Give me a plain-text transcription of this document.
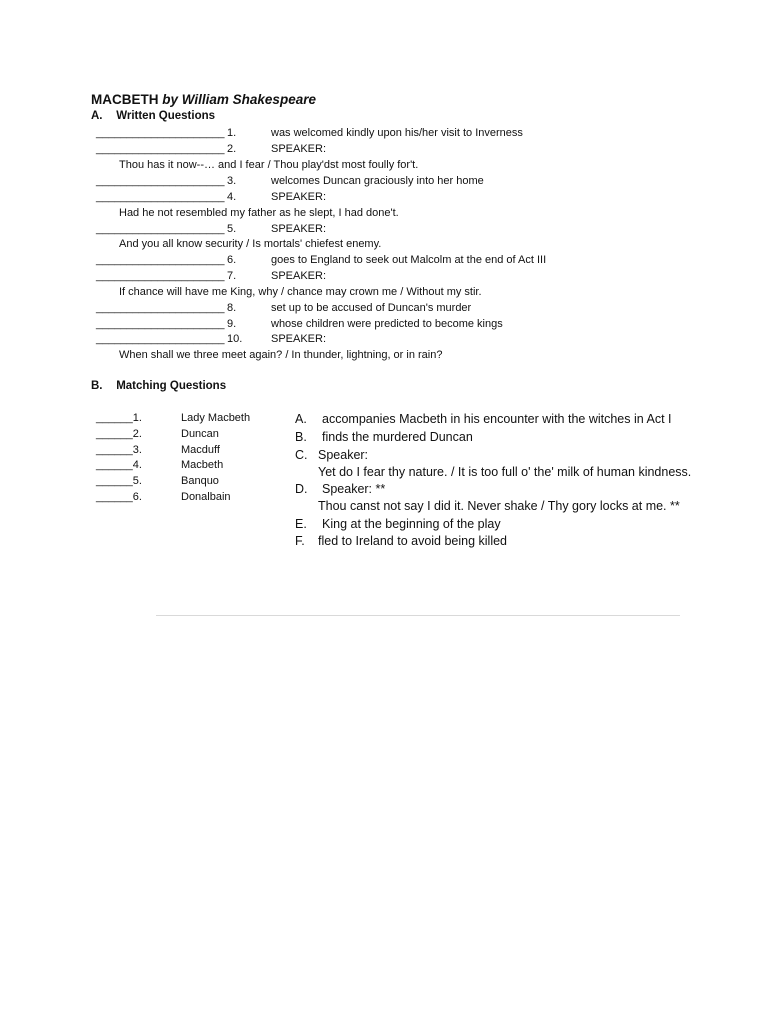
MACBETH by William Shakespeare
A. Written Questions
_____________________ 1.	was welcomed kindly upon his/her visit to Inverness
_____________________ 2.	SPEAKER:
Thou has it now--… and I fear / Thou play'dst most foully for't.
_____________________ 3.	welcomes Duncan graciously into her home
_____________________ 4.	SPEAKER:
Had he not resembled my father as he slept, I had done't.
_____________________ 5.	SPEAKER:
And you all know security / Is mortals' chiefest enemy.
_____________________ 6.	goes to England to seek out Malcolm at the end of Act III
_____________________ 7.	SPEAKER:
If chance will have me King, why / chance may crown me / Without my stir.
_____________________ 8.	set up to be accused of Duncan's murder
_____________________ 9.	whose children were predicted to become kings
_____________________ 10.	SPEAKER:
When shall we three meet again? / In thunder, lightning, or in rain?
B. Matching Questions
______1.	Lady Macbeth
______2.	Duncan
______3.	Macduff
______4.	Macbeth
______5.	Banquo
______6.	Donalbain
A. accompanies Macbeth in his encounter with the witches in Act I
B. finds the murdered Duncan
C. Speaker:
Yet do I fear thy nature. / It is too full o' the' milk of human kindness.
D. Speaker: **
Thou canst not say I did it. Never shake / Thy gory locks at me. **
E. King at the beginning of the play
F. fled to Ireland to avoid being killed
